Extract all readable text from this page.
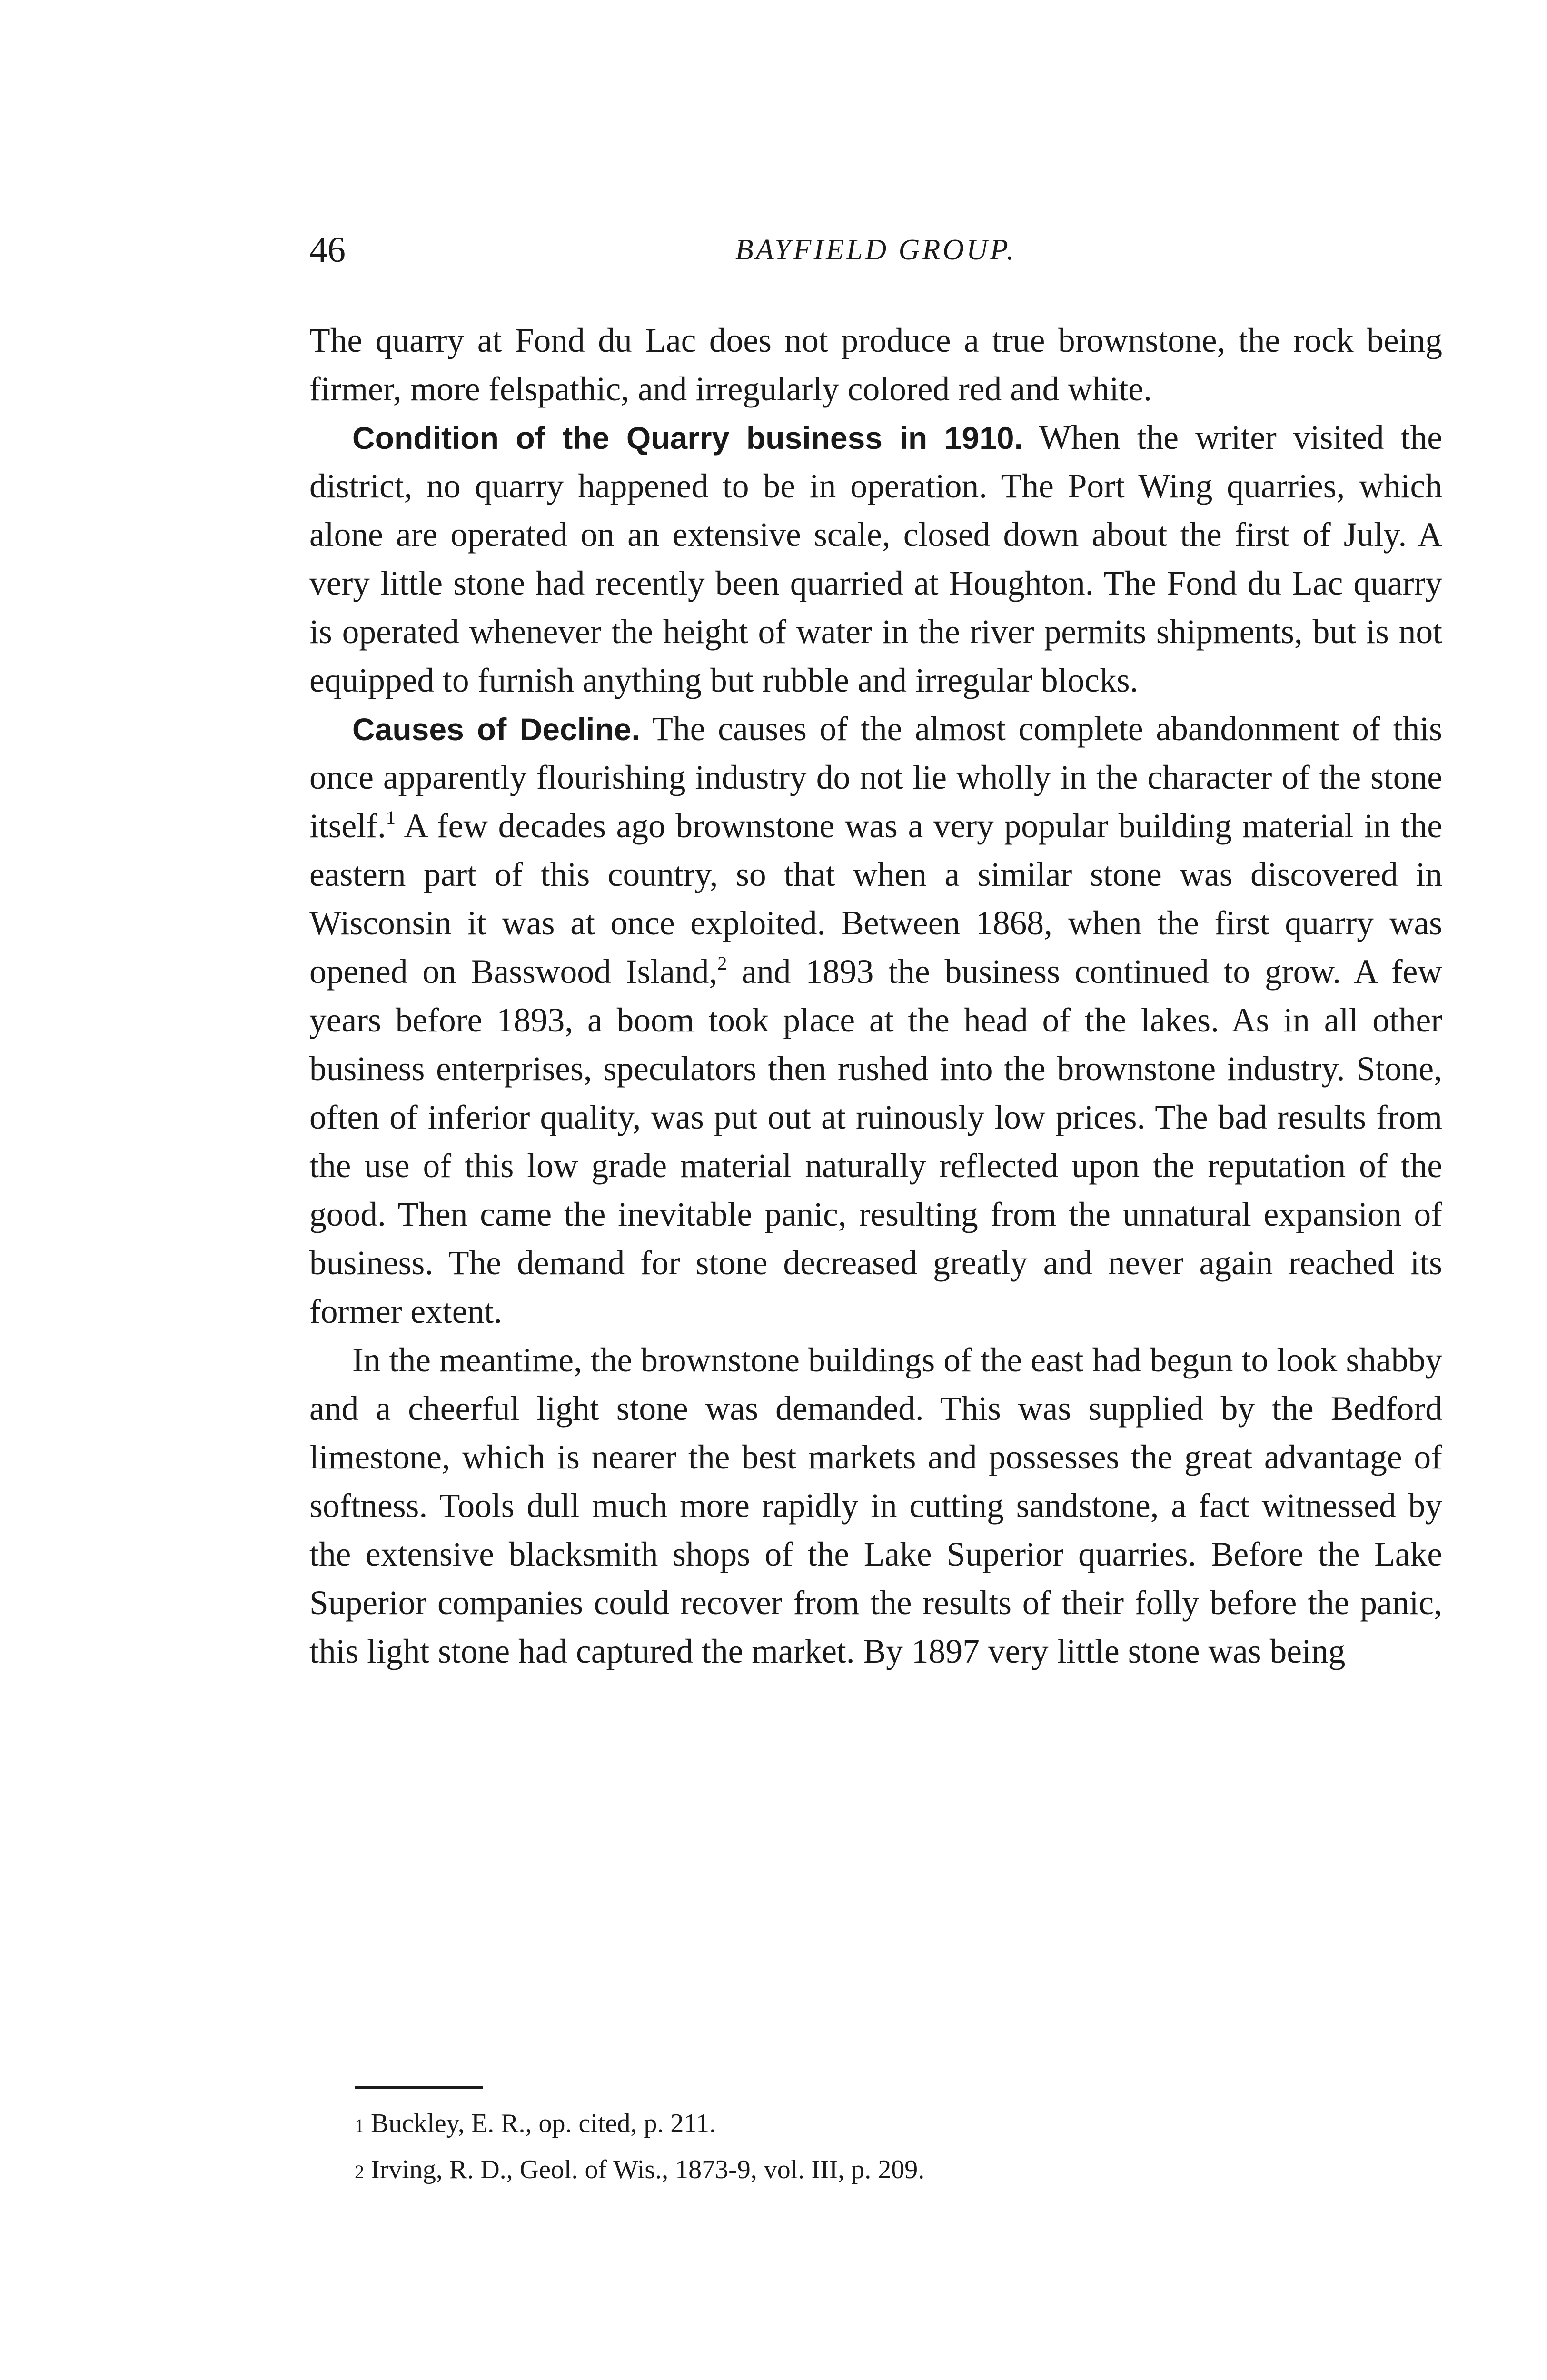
46	BAYFIELD GROUP.

The quarry at Fond du Lac does not produce a true brownstone, the rock being firmer, more felspathic, and irregularly colored red and white.

Condition of the Quarry business in 1910. When the writer visited the district, no quarry happened to be in operation. The Port Wing quarries, which alone are operated on an extensive scale, closed down about the first of July. A very little stone had recently been quarried at Houghton. The Fond du Lac quarry is operated whenever the height of water in the river permits shipments, but is not equipped to furnish anything but rubble and irregular blocks.

Causes of Decline. The causes of the almost complete abandonment of this once apparently flourishing industry do not lie wholly in the character of the stone itself.$^1$ A few decades ago brownstone was a very popular building material in the eastern part of this country, so that when a similar stone was discovered in Wisconsin it was at once exploited. Between 1868, when the first quarry was opened on Basswood Island,$^2$ and 1893 the business continued to grow. A few years before 1893, a boom took place at the head of the lakes. As in all other business enterprises, speculators then rushed into the brownstone industry. Stone, often of inferior quality, was put out at ruinously low prices. The bad results from the use of this low grade material naturally reflected upon the reputation of the good. Then came the inevitable panic, resulting from the unnatural expansion of business. The demand for stone decreased greatly and never again reached its former extent.

In the meantime, the brownstone buildings of the east had begun to look shabby and a cheerful light stone was demanded. This was supplied by the Bedford limestone, which is nearer the best markets and possesses the great advantage of softness. Tools dull much more rapidly in cutting sandstone, a fact witnessed by the extensive blacksmith shops of the Lake Superior quarries. Before the Lake Superior companies could recover from the results of their folly before the panic, this light stone had captured the market. By 1897 very little stone was being

1 Buckley, E. R., op. cited, p. 211.

2 Irving, R. D., Geol. of Wis., 1873-9, vol. III, p. 209.
